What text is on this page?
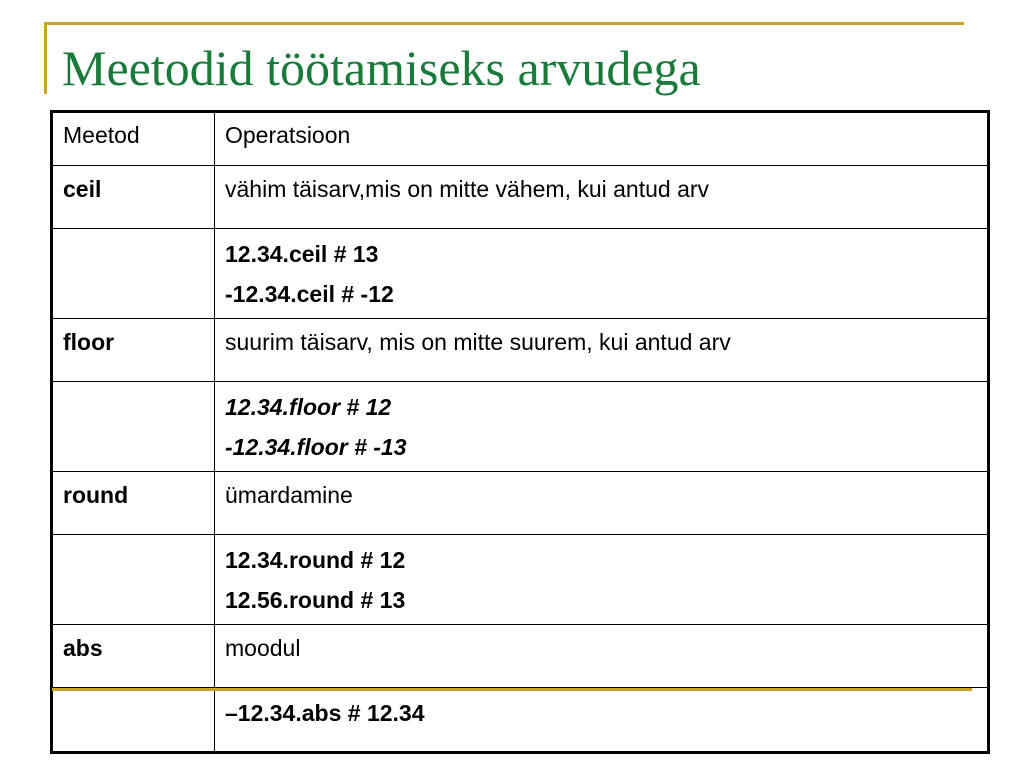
Meetodid töötamiseks arvudega
Meetod	Operatsioon
ceil	vähim täisarv,mis on mitte vähem, kui antud arv

	12.34.ceil # 13
-12.34.ceil # -12

floor	suurim täisarv, mis on mitte suurem, kui antud arv

	12.34.floor # 12
-12.34.floor # -13

round	ümardamine

	12.34.round # 12
12.56.round # 13

abs	moodul

	–12.34.abs # 12.34
